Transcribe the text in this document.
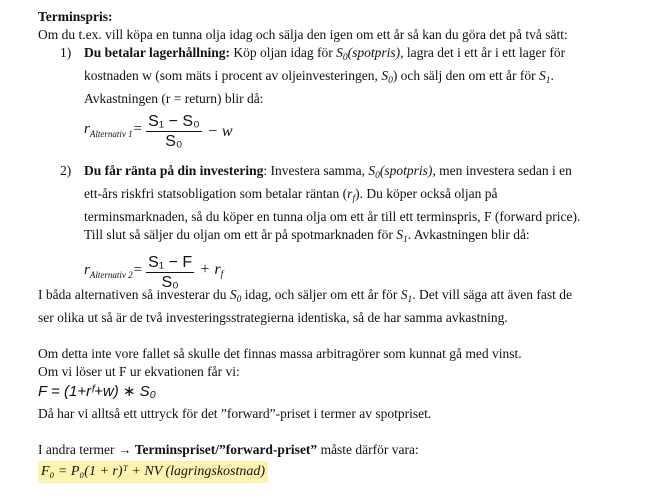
Terminspris:

Om du t.ex. vill köpa en tunna olja idag och sälja den igen om ett år så kan du göra det på två sätt:

1) Du betalar lagerhållning: Köp oljan idag för $S_0(spotpris)$, lagra det i ett år i ett lager för

kostnaden w (som mäts i procent av oljeinvesteringen, $S_0$) och sälj den om ett år för $S_1$.

Avkastningen (r = return) blir då:

$r_{Alternativ 1}= \frac{\text{S₁ − S₀}}{\text{S₀}} - w$
2) Du får ränta på din investering: Investera samma, $S_0(spotpris)$, men investera sedan i en

ett-års riskfri statsobligation som betalar räntan $(r_f)$. Du köper också oljan på

terminsmarknaden, så du köper en tunna olja om ett år till ett terminspris, F (forward price).

Till slut så säljer du oljan om ett år på spotmarknaden för $S_1$. Avkastningen blir då:

$r_{Alternativ 2}= \frac{\text{S₁ − F}}{\text{S₀}} + r_f$

I båda alternativen så investerar du $S_0$ idag, och säljer om ett år för $S_1$. Det vill säga att även fast de

ser olika ut så är de två investeringsstrategierna identiska, så de har samma avkastning.

Om detta inte vore fallet så skulle det finnas massa arbitragörer som kunnat gå med vinst.

Om vi löser ut F ur ekvationen får vi:

F = (1+rᶠ+w) ∗ S₀

Då har vi alltså ett uttryck för det ”forward”-priset i termer av spotpriset.

I andra termer → Terminspriset/”forward-priset” måste därför vara:

F₀ = P₀(1 + r)ᵀ + NV (lagringskostnad)
